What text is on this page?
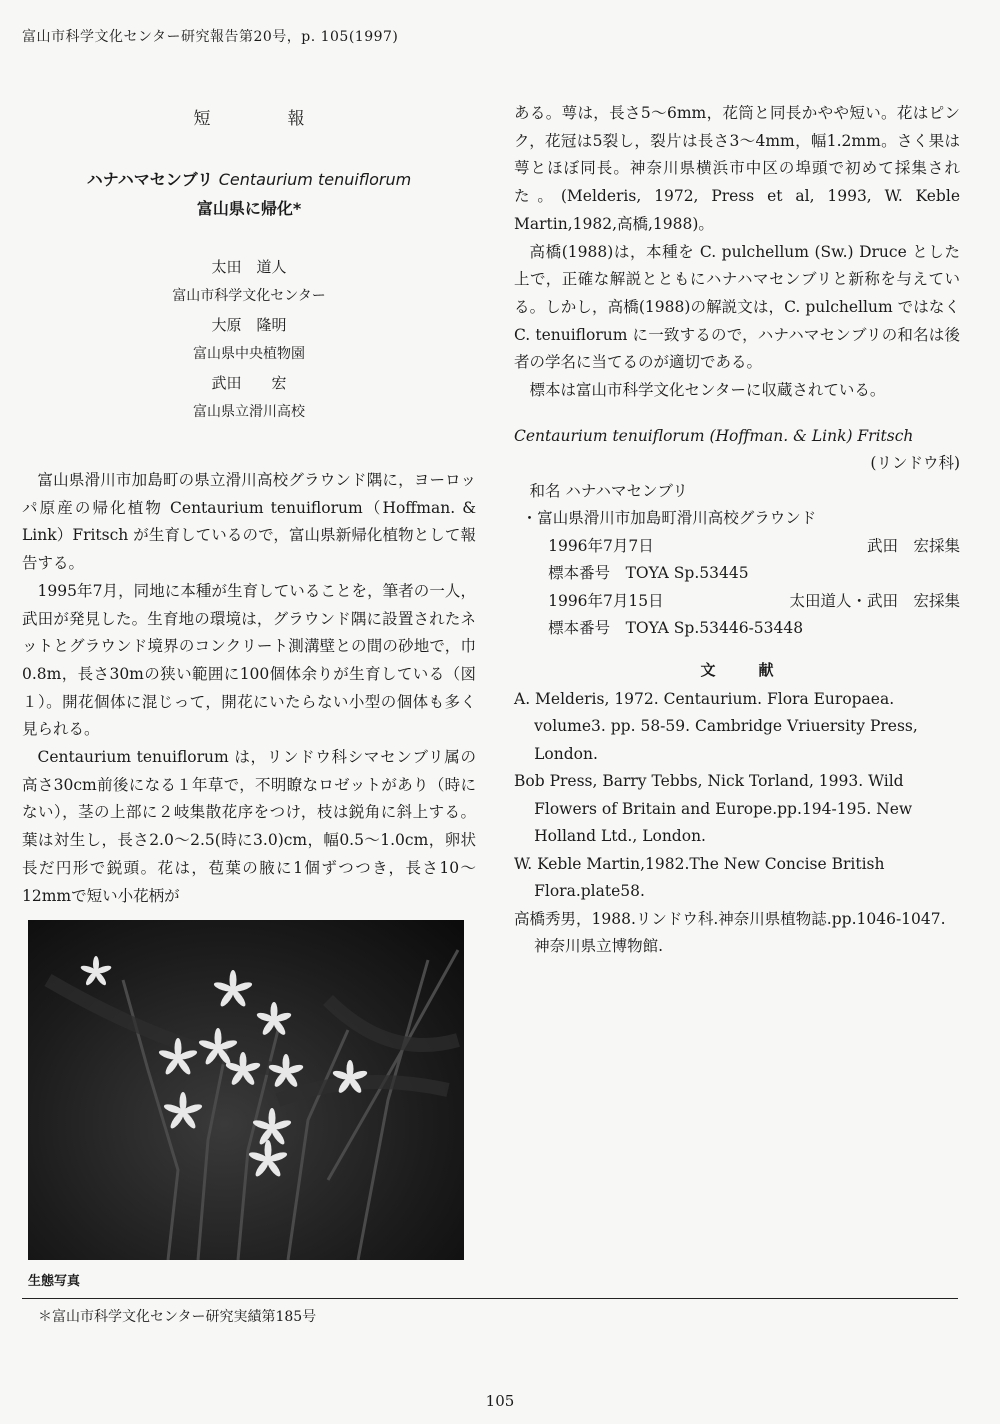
富山市科学文化センター研究報告第20号，p. 105(1997)
短　報
ハナハマセンブリ Centaurium tenuiflorum
富山県に帰化*
太田　道人
富山市科学文化センター
大原　隆明
富山県中央植物園
武田　　宏
富山県立滑川高校

富山県滑川市加島町の県立滑川高校グラウンド隅に，ヨーロッパ原産の帰化植物 Centaurium tenuiflorum（Hoffman. & Link）Fritsch が生育しているので，富山県新帰化植物として報告する。

1995年7月，同地に本種が生育していることを，筆者の一人，武田が発見した。生育地の環境は，グラウンド隅に設置されたネットとグラウンド境界のコンクリート測溝壁との間の砂地で，巾0.8m，長さ30mの狭い範囲に100個体余りが生育している（図１）。開花個体に混じって，開花にいたらない小型の個体も多く見られる。

Centaurium tenuiflorum は，リンドウ科シマセンブリ属の高さ30cm前後になる１年草で，不明瞭なロゼットがあり（時にない），茎の上部に２岐集散花序をつけ，枝は鋭角に斜上する。葉は対生し，長さ2.0〜2.5(時に3.0)cm，幅0.5〜1.0cm，卵状長だ円形で鋭頭。花は，苞葉の腋に1個ずつつき，長さ10〜12mmで短い小花柄が

ある。萼は，長さ5〜6mm，花筒と同長かやや短い。花はピンク，花冠は5裂し，裂片は長さ3〜4mm，幅1.2mm。さく果は萼とほぼ同長。神奈川県横浜市中区の埠頭で初めて採集された。(Melderis, 1972, Press et al, 1993, W. Keble Martin,1982,高橋,1988)。

高橋(1988)は，本種を C. pulchellum (Sw.) Druce とした上で，正確な解説とともにハナハマセンブリと新称を与えている。しかし，高橋(1988)の解説文は，C. pulchellum ではなく C. tenuiflorum に一致するので，ハナハマセンブリの和名は後者の学名に当てるのが適切である。

標本は富山市科学文化センターに収蔵されている。

Centaurium tenuiflorum (Hoffman. & Link) Fritsch
(リンドウ科)
和名 ハナハマセンブリ
・富山県滑川市加島町滑川高校グラウンド
1996年7月7日	武田　宏採集
標本番号　TOYA Sp.53445
1996年7月15日	太田道人・武田　宏採集
標本番号　TOYA Sp.53446-53448
文　献

A. Melderis, 1972. Centaurium. Flora Europaea. volume3. pp. 58-59. Cambridge Vriuersity Press, London.

Bob Press, Barry Tebbs, Nick Torland, 1993. Wild Flowers of Britain and Europe.pp.194-195. New Holland Ltd., London.

W. Keble Martin,1982.The New Concise British Flora.plate58.

高橋秀男，1988.リンドウ科.神奈川県植物誌.pp.1046-1047.神奈川県立博物館.

生態写真
＊富山市科学文化センター研究実績第185号
105
